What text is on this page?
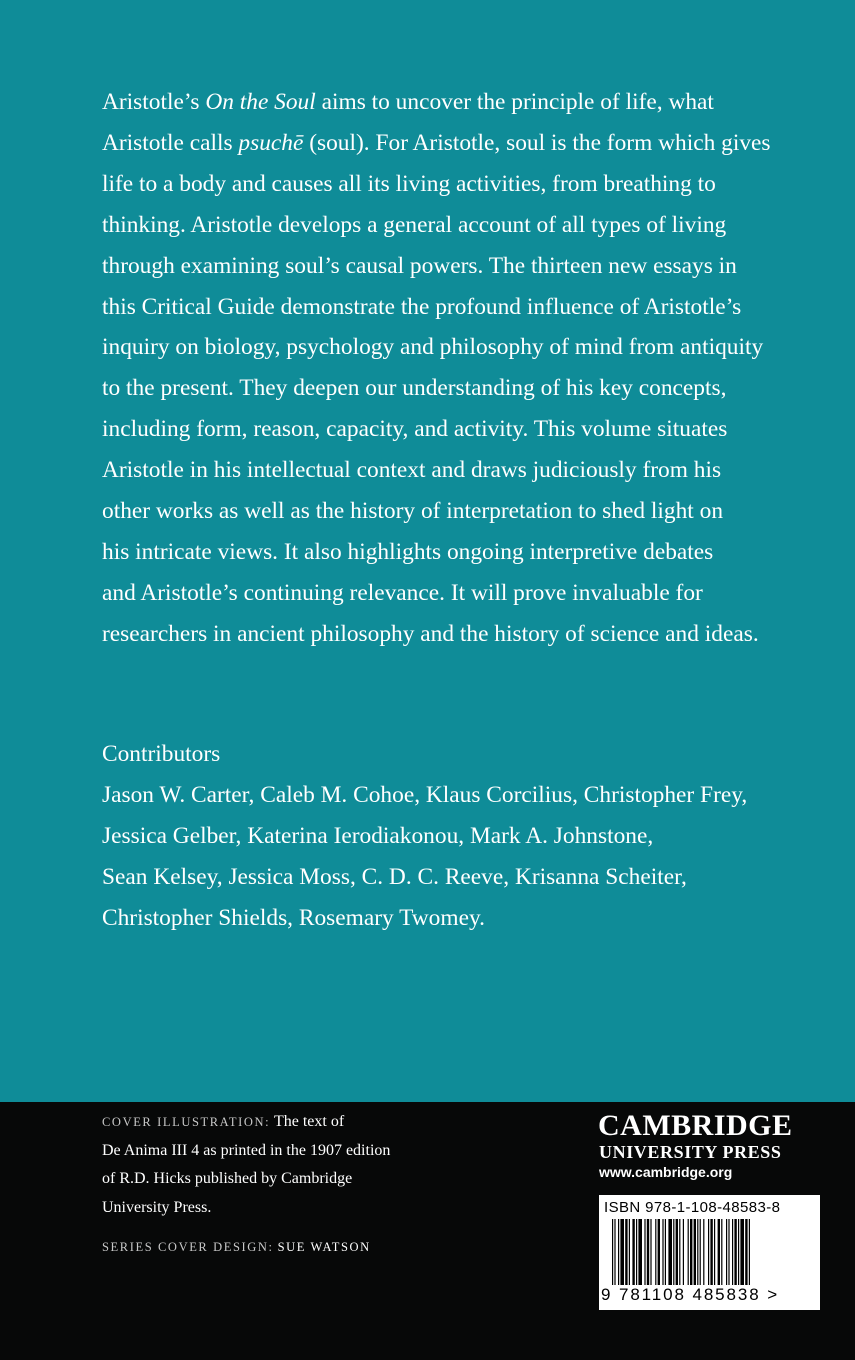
Aristotle’s On the Soul aims to uncover the principle of life, what
Aristotle calls psuchē (soul). For Aristotle, soul is the form which gives
life to a body and causes all its living activities, from breathing to
thinking. Aristotle develops a general account of all types of living
through examining soul’s causal powers. The thirteen new essays in
this Critical Guide demonstrate the profound influence of Aristotle’s
inquiry on biology, psychology and philosophy of mind from antiquity
to the present. They deepen our understanding of his key concepts,
including form, reason, capacity, and activity. This volume situates
Aristotle in his intellectual context and draws judiciously from his
other works as well as the history of interpretation to shed light on
his intricate views. It also highlights ongoing interpretive debates
and Aristotle’s continuing relevance. It will prove invaluable for
researchers in ancient philosophy and the history of science and ideas.
Contributors
Jason W. Carter, Caleb M. Cohoe, Klaus Corcilius, Christopher Frey,
Jessica Gelber, Katerina Ierodiakonou, Mark A. Johnstone,
Sean Kelsey, Jessica Moss, C. D. C. Reeve, Krisanna Scheiter,
Christopher Shields, Rosemary Twomey.
COVER ILLUSTRATION: The text of
De Anima III 4 as printed in the 1907 edition
of R.D. Hicks published by Cambridge
University Press.
SERIES COVER DESIGN: SUE WATSON
CAMBRIDGE
UNIVERSITY PRESS
www.cambridge.org
ISBN 978-1-108-48583-8
9 781108 485838 >
